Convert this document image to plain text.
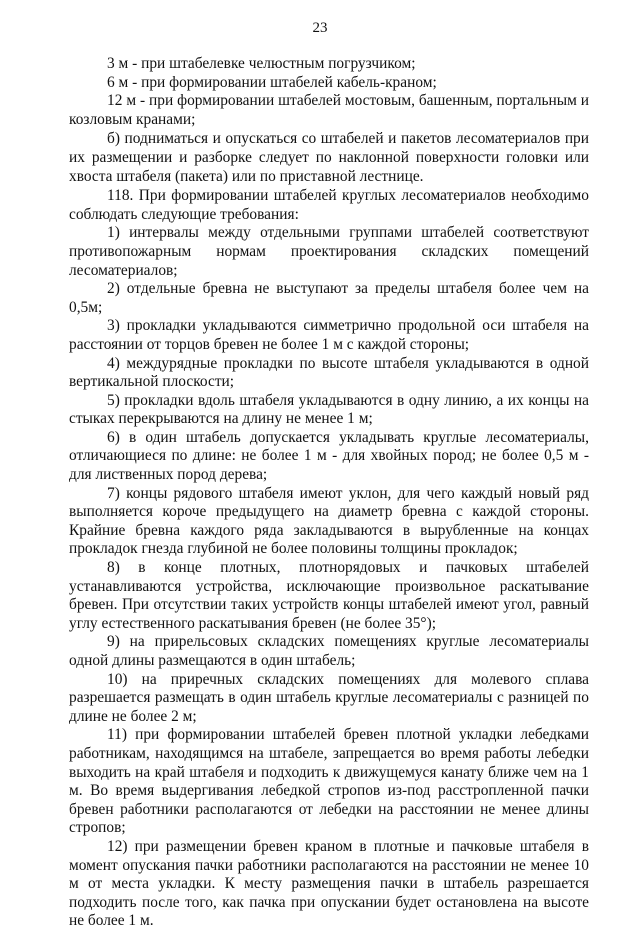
23

3 м - при штабелевке челюстным погрузчиком;

6 м - при формировании штабелей кабель-краном;

12 м - при формировании штабелей мостовым, башенным, портальным и козловым кранами;

б) подниматься и опускаться со штабелей и пакетов лесоматериалов при их размещении и разборке следует по наклонной поверхности головки или хвоста штабеля (пакета) или по приставной лестнице.

118. При формировании штабелей круглых лесоматериалов необходимо соблюдать следующие требования:

1) интервалы между отдельными группами штабелей соответствуют противопожарным нормам проектирования складских помещений лесоматериалов;

2) отдельные бревна не выступают за пределы штабеля более чем на 0,5м;

3) прокладки укладываются симметрично продольной оси штабеля на расстоянии от торцов бревен не более 1 м с каждой стороны;

4) междурядные прокладки по высоте штабеля укладываются в одной вертикальной плоскости;

5) прокладки вдоль штабеля укладываются в одну линию, а их концы на стыках перекрываются на длину не менее 1 м;

6) в один штабель допускается укладывать круглые лесоматериалы, отличающиеся по длине: не более 1 м - для хвойных пород; не более 0,5 м - для лиственных пород дерева;

7) концы рядового штабеля имеют уклон, для чего каждый новый ряд выполняется короче предыдущего на диаметр бревна с каждой стороны. Крайние бревна каждого ряда закладываются в вырубленные на концах прокладок гнезда глубиной не более половины толщины прокладок;

8) в конце плотных, плотнорядовых и пачковых штабелей устанавливаются устройства, исключающие произвольное раскатывание бревен. При отсутствии таких устройств концы штабелей имеют угол, равный углу естественного раскатывания бревен (не более 35°);

9) на прирельсовых складских помещениях круглые лесоматериалы одной длины размещаются в один штабель;

10) на приречных складских помещениях для молевого сплава разрешается размещать в один штабель круглые лесоматериалы с разницей по длине не более 2 м;

11) при формировании штабелей бревен плотной укладки лебедками работникам, находящимся на штабеле, запрещается во время работы лебедки выходить на край штабеля и подходить к движущемуся канату ближе чем на 1 м. Во время выдергивания лебедкой стропов из-под расстропленной пачки бревен работники располагаются от лебедки на расстоянии не менее длины стропов;

12) при размещении бревен краном в плотные и пачковые штабеля в момент опускания пачки работники располагаются на расстоянии не менее 10 м от места укладки. К месту размещения пачки в штабель разрешается подходить после того, как пачка при опускании будет остановлена на высоте не более 1 м.
